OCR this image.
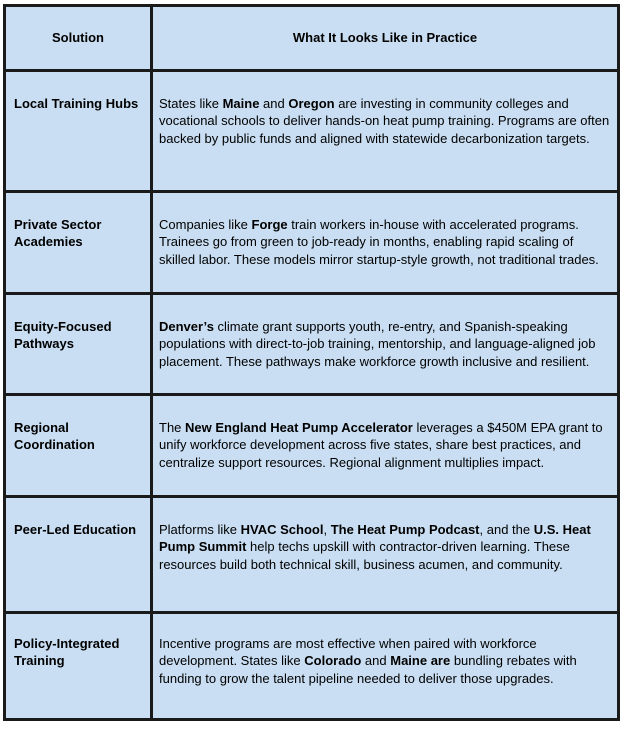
Solution	What It Looks Like in Practice
Local Training Hubs	States like Maine and Oregon are investing in community colleges and vocational schools to deliver hands-on heat pump training. Programs are often backed by public funds and aligned with statewide decarbonization targets.
Private Sector Academies	Companies like Forge train workers in-house with accelerated programs. Trainees go from green to job-ready in months, enabling rapid scaling of skilled labor. These models mirror startup-style growth, not traditional trades.
Equity-Focused Pathways	Denver’s climate grant supports youth, re-entry, and Spanish-speaking populations with direct-to-job training, mentorship, and language-aligned job placement. These pathways make workforce growth inclusive and resilient.
Regional Coordination	The New England Heat Pump Accelerator leverages a $450M EPA grant to unify workforce development across five states, share best practices, and centralize support resources. Regional alignment multiplies impact.
Peer-Led Education	Platforms like HVAC School, The Heat Pump Podcast, and the U.S. Heat Pump Summit help techs upskill with contractor-driven learning. These resources build both technical skill, business acumen, and community.
Policy-Integrated Training	Incentive programs are most effective when paired with workforce development. States like Colorado and Maine are bundling rebates with funding to grow the talent pipeline needed to deliver those upgrades.
